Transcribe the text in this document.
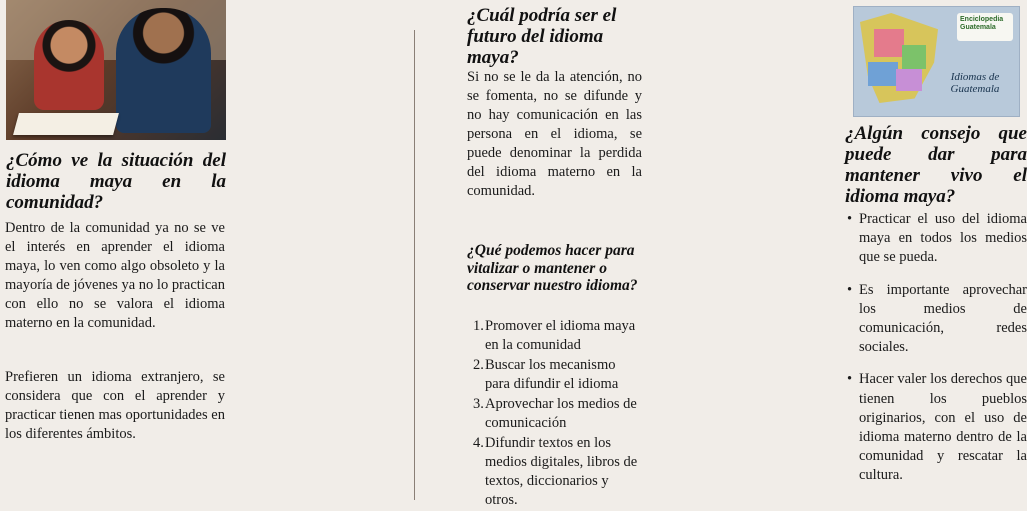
¿Cómo ve la situación del
idioma maya en la
comunidad?

Dentro de la comunidad ya no se ve el interés en aprender el idioma maya, lo ven como algo obsoleto y la mayoría de jóvenes ya no lo practican con ello no se valora el idioma materno en la comunidad.

Prefieren un idioma extranjero, se considera que con el aprender y practicar tienen mas oportunidades en los diferentes ámbitos.

¿Cuál podría ser el futuro del idioma maya?

Si no se le da la atención, no se fomenta, no se difunde y no hay comunicación en las persona en el idioma, se puede denominar la perdida del idioma materno en la comunidad.

¿Qué podemos hacer para vitalizar o mantener o conservar nuestro idioma?
1. Promover el idioma maya en la comunidad
2. Buscar los mecanismo para difundir el idioma
3. Aprovechar los medios de comunicación
4. Difundir textos en los medios digitales, libros de textos, diccionarios y otros.
Enciclopedia Guatemala
Idiomas de Guatemala
¿Algún consejo que
puede dar para
mantener vivo el
idioma maya?
• Practicar el uso del idioma maya en todos los medios que se pueda.
• Es importante aprovechar los medios de comunicación, redes sociales.
• Hacer valer los derechos que tienen los pueblos originarios, con el uso de idioma materno dentro de la comunidad y rescatar la cultura.
